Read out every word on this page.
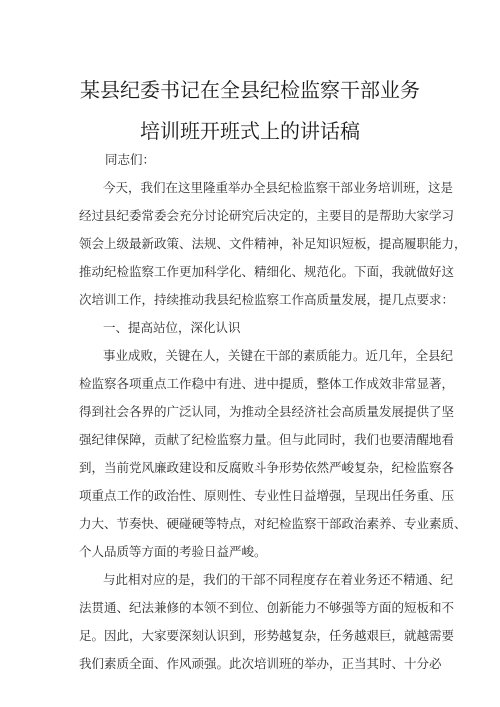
某县纪委书记在全县纪检监察干部业务
培训班开班式上的讲话稿
同志们：
今天，我们在这里隆重举办全县纪检监察干部业务培训班，这是
经过县纪委常委会充分讨论研究后决定的，主要目的是帮助大家学习
领会上级最新政策、法规、文件精神，补足知识短板，提高履职能力，
推动纪检监察工作更加科学化、精细化、规范化。下面，我就做好这
次培训工作，持续推动我县纪检监察工作高质量发展，提几点要求：
一、提高站位，深化认识
事业成败，关键在人，关键在干部的素质能力。近几年，全县纪
检监察各项重点工作稳中有进、进中提质，整体工作成效非常显著，
得到社会各界的广泛认同，为推动全县经济社会高质量发展提供了坚
强纪律保障，贡献了纪检监察力量。但与此同时，我们也要清醒地看
到，当前党风廉政建设和反腐败斗争形势依然严峻复杂，纪检监察各
项重点工作的政治性、原则性、专业性日益增强，呈现出任务重、压
力大、节奏快、硬碰硬等特点，对纪检监察干部政治素养、专业素质、
个人品质等方面的考验日益严峻。
与此相对应的是，我们的干部不同程度存在着业务还不精通、纪
法贯通、纪法兼修的本领不到位、创新能力不够强等方面的短板和不
足。因此，大家要深刻认识到，形势越复杂，任务越艰巨，就越需要
我们素质全面、作风顽强。此次培训班的举办，正当其时、十分必
